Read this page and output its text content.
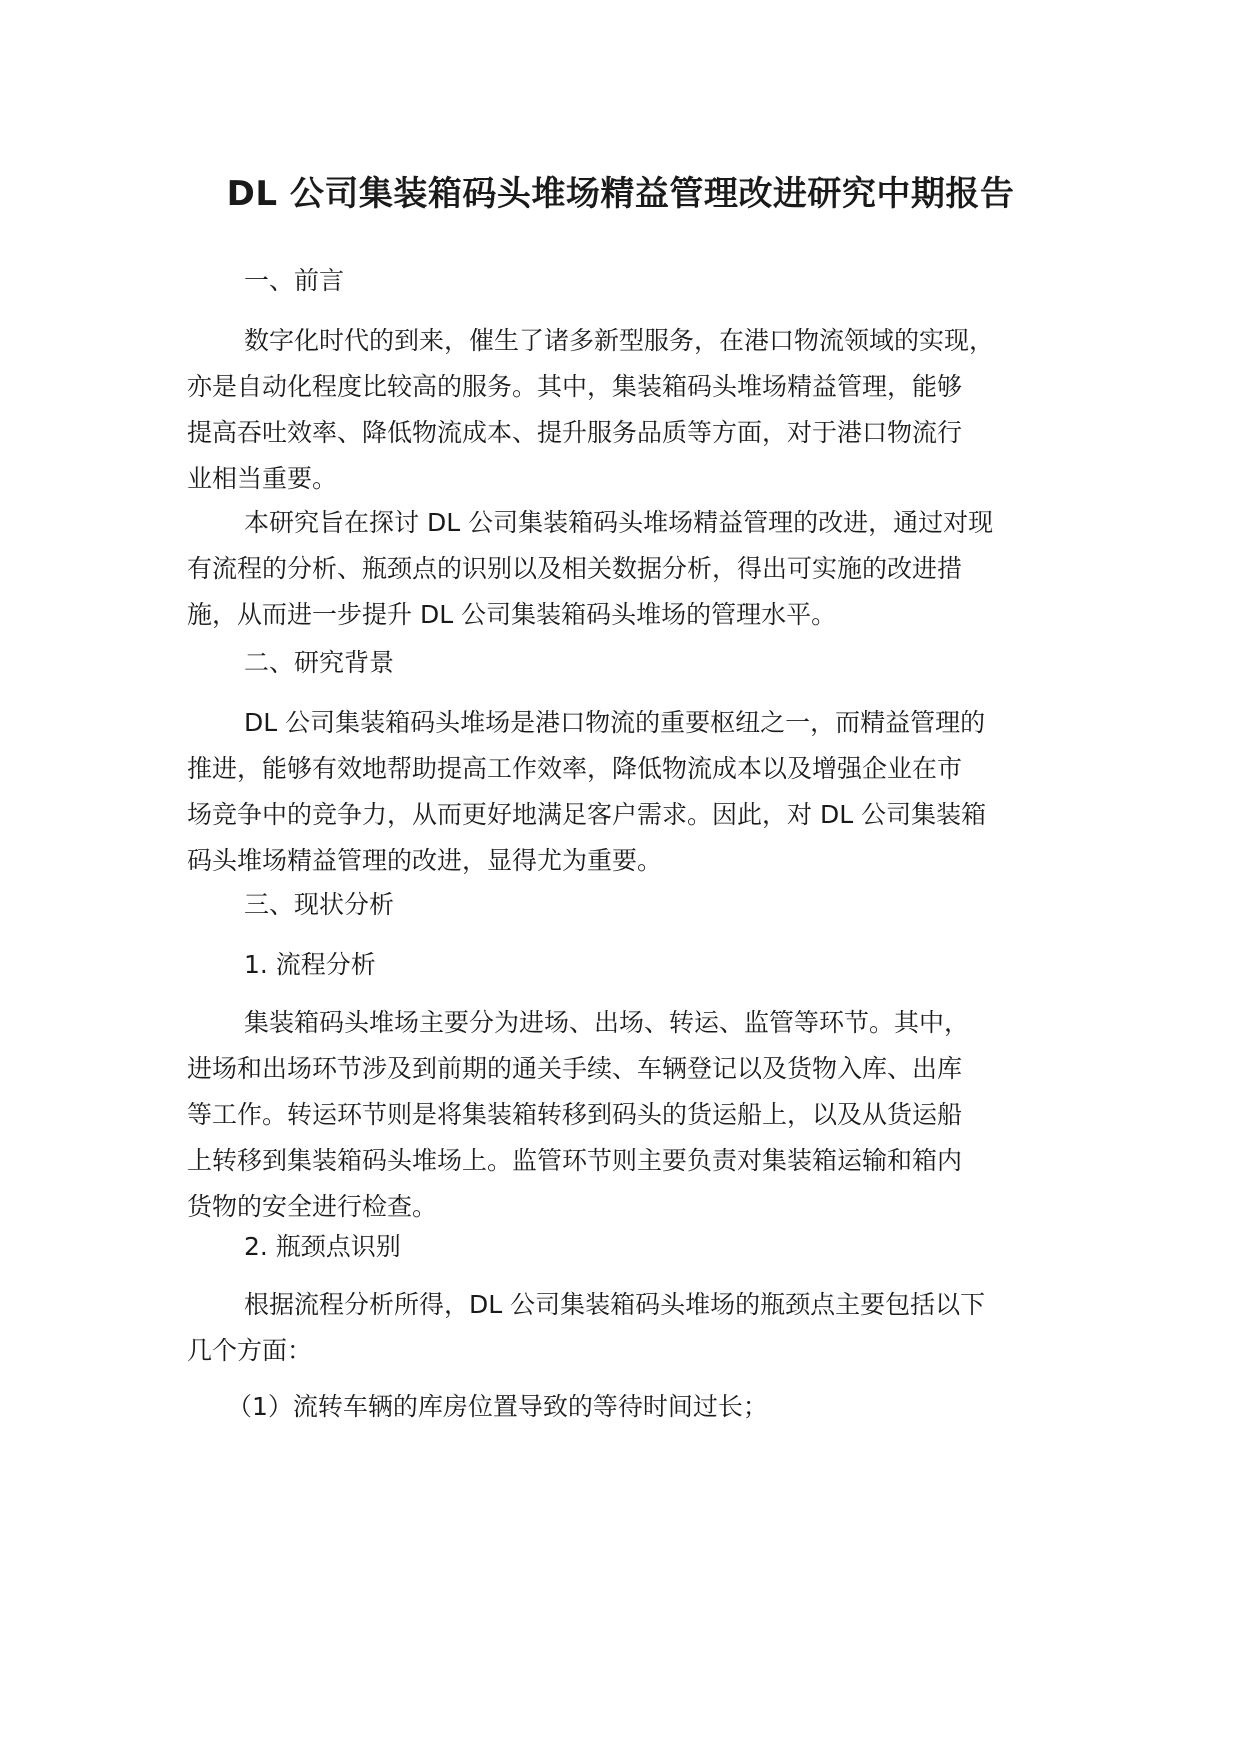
DL 公司集装箱码头堆场精益管理改进研究中期报告
一、前言
数字化时代的到来，催生了诸多新型服务，在港口物流领域的实现，
亦是自动化程度比较高的服务。其中，集装箱码头堆场精益管理，能够
提高吞吐效率、降低物流成本、提升服务品质等方面，对于港口物流行
业相当重要。
本研究旨在探讨 DL 公司集装箱码头堆场精益管理的改进，通过对现
有流程的分析、瓶颈点的识别以及相关数据分析，得出可实施的改进措
施，从而进一步提升 DL 公司集装箱码头堆场的管理水平。
二、研究背景
DL 公司集装箱码头堆场是港口物流的重要枢纽之一，而精益管理的
推进，能够有效地帮助提高工作效率，降低物流成本以及增强企业在市
场竞争中的竞争力，从而更好地满足客户需求。因此，对 DL 公司集装箱
码头堆场精益管理的改进，显得尤为重要。
三、现状分析
1. 流程分析
集装箱码头堆场主要分为进场、出场、转运、监管等环节。其中，
进场和出场环节涉及到前期的通关手续、车辆登记以及货物入库、出库
等工作。转运环节则是将集装箱转移到码头的货运船上，以及从货运船
上转移到集装箱码头堆场上。监管环节则主要负责对集装箱运输和箱内
货物的安全进行检查。
2. 瓶颈点识别
根据流程分析所得，DL 公司集装箱码头堆场的瓶颈点主要包括以下
几个方面：
（1）流转车辆的库房位置导致的等待时间过长；
